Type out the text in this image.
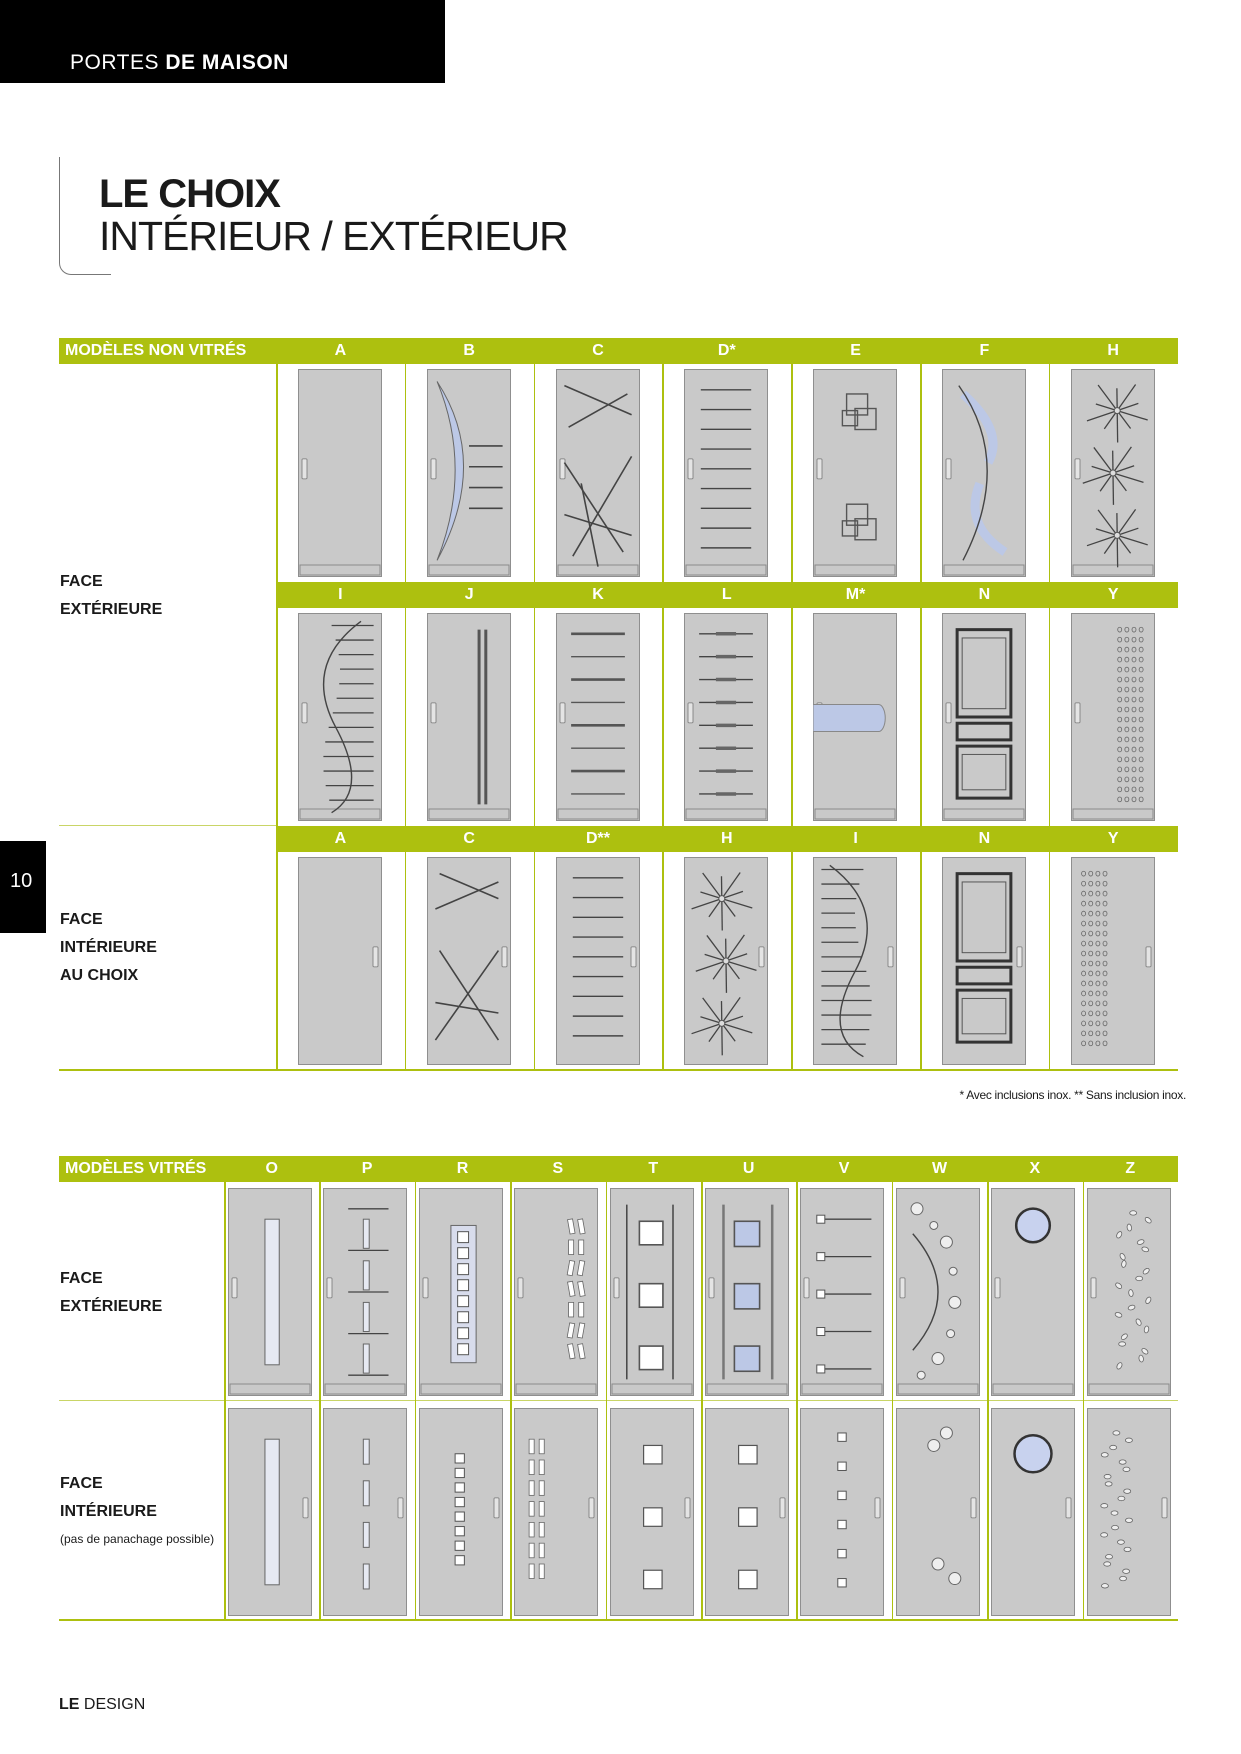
PORTES DE MAISON
LE CHOIX
INTÉRIEUR / EXTÉRIEUR
10
MODÈLES NON VITRÉS
FACE
EXTÉRIEURE
FACE
INTÉRIEURE
AU CHOIX
A	B	C	D*	E	F	H
I	J	K	L	M*	N	Y
A	C	D**	H	I	N	Y
* Avec inclusions inox. ** Sans inclusion inox.
MODÈLES VITRÉS
FACE
EXTÉRIEURE
FACE
INTÉRIEURE
(pas de panachage possible)
O	P	R	S	T	U	V	W	X	Z
LE DESIGN
